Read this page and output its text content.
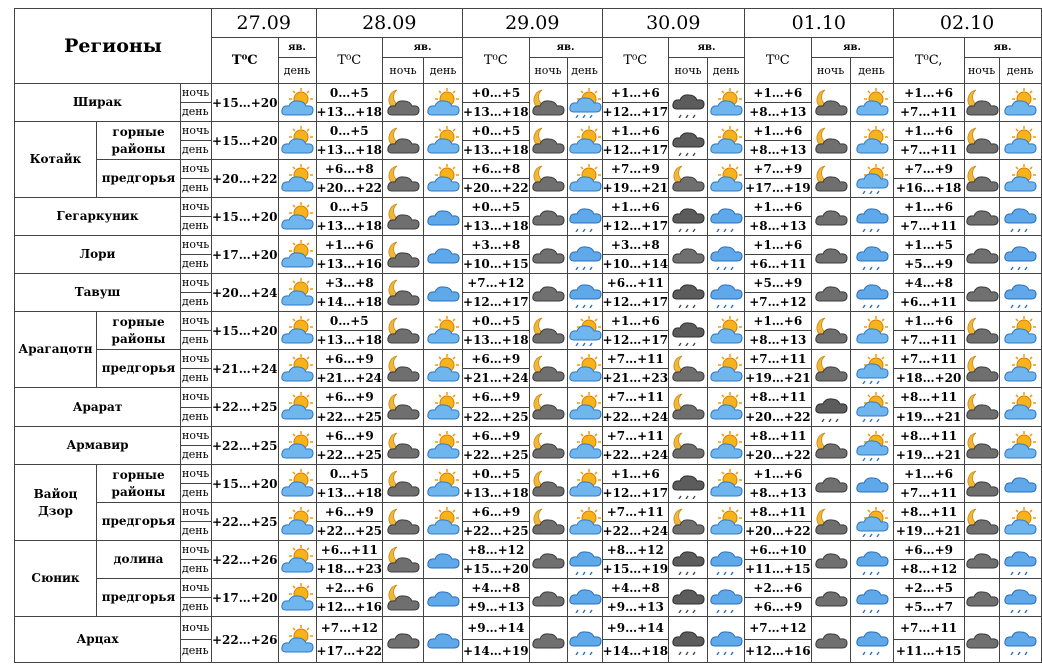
Регионы			27.09		28.09			29.09			30.09			01.10			02.10		
			T⁰C	яв.	T⁰C	яв.		T⁰C	яв.		T⁰C	яв.		T⁰C	яв.		T⁰C,	яв.	
				день		ночь	день		ночь	день		ночь	день		ночь	день		ночь	день
Ширак		ночь	+15…+20		0…+5			+0…+5			+1…+6			+1…+6			+1…+6	

		день			+13…+18			+13…+18			+12…+17			+8…+13			+7…+11		
Котайк	горные районы	ночь	+15…+20		0…+5			+0…+5			+1…+6			+1…+6			+1…+6	

		день			+13…+18			+13…+18			+12…+17			+8…+13			+7…+11		
	предгорья	ночь	+20…+22		+6…+8			+6…+8			+7…+9			+7…+9			+7…+9	

		день			+20…+22			+20…+22			+19…+21			+17…+19			+16…+18		
Гегаркуник		ночь	+15…+20		0…+5			+0…+5			+1…+6			+1…+6			+1…+6	

		день			+13…+18			+13…+18			+12…+17			+8…+13			+7…+11		
Лори		ночь	+17…+20		+1…+6			+3…+8			+3…+8			+1…+6			+1…+5	

		день			+13…+16			+10…+15			+10…+14			+6…+11			+5…+9		
Тавуш		ночь	+20…+24		+3…+8			+7…+12			+6…+11			+5…+9			+4…+8	

		день			+14…+18			+12…+17			+12…+17			+7…+12			+6…+11		
Арагацотн	горные районы	ночь	+15…+20		0…+5			+0…+5			+1…+6			+1…+6			+1…+6	

		день			+13…+18			+13…+18			+12…+17			+8…+13			+7…+11		
	предгорья	ночь	+21…+24		+6…+9			+6…+9			+7…+11			+7…+11			+7…+11	

		день			+21…+24			+21…+24			+21…+23			+19…+21			+18…+20		
Арарат		ночь	+22…+25		+6…+9			+6…+9			+7…+11			+8…+11			+8…+11	

		день			+22…+25			+22…+25			+22…+24			+20…+22			+19…+21		
Армавир		ночь	+22…+25		+6…+9			+6…+9			+7…+11			+8…+11			+8…+11	

		день			+22…+25			+22…+25			+22…+24			+20…+22			+19…+21		
Вайоц Дзор	горные районы	ночь	+15…+20		0…+5			+0…+5			+1…+6			+1…+6			+1…+6	

		день			+13…+18			+13…+18			+12…+17			+8…+13			+7…+11		
	предгорья	ночь	+22…+25		+6…+9			+6…+9			+7…+11			+8…+11			+8…+11	

		день			+22…+25			+22…+25			+22…+24			+20…+22			+19…+21		
Сюник	долина	ночь	+22…+26		+6…+11			+8…+12			+8…+12			+6…+10			+6…+9	

		день			+18…+23			+15…+20			+15…+19			+11…+15			+8…+12		
	предгорья	ночь	+17…+20		+2…+6			+4…+8			+4…+8			+2…+6			+2…+5	

		день			+12…+16			+9…+13			+9…+13			+6…+9			+5…+7		
Арцах		ночь	+22…+26		+7…+12			+9…+14			+9…+14			+7…+12			+7…+11	

		день			+17…+22			+14…+19			+14…+18			+12…+16			+11…+15		
